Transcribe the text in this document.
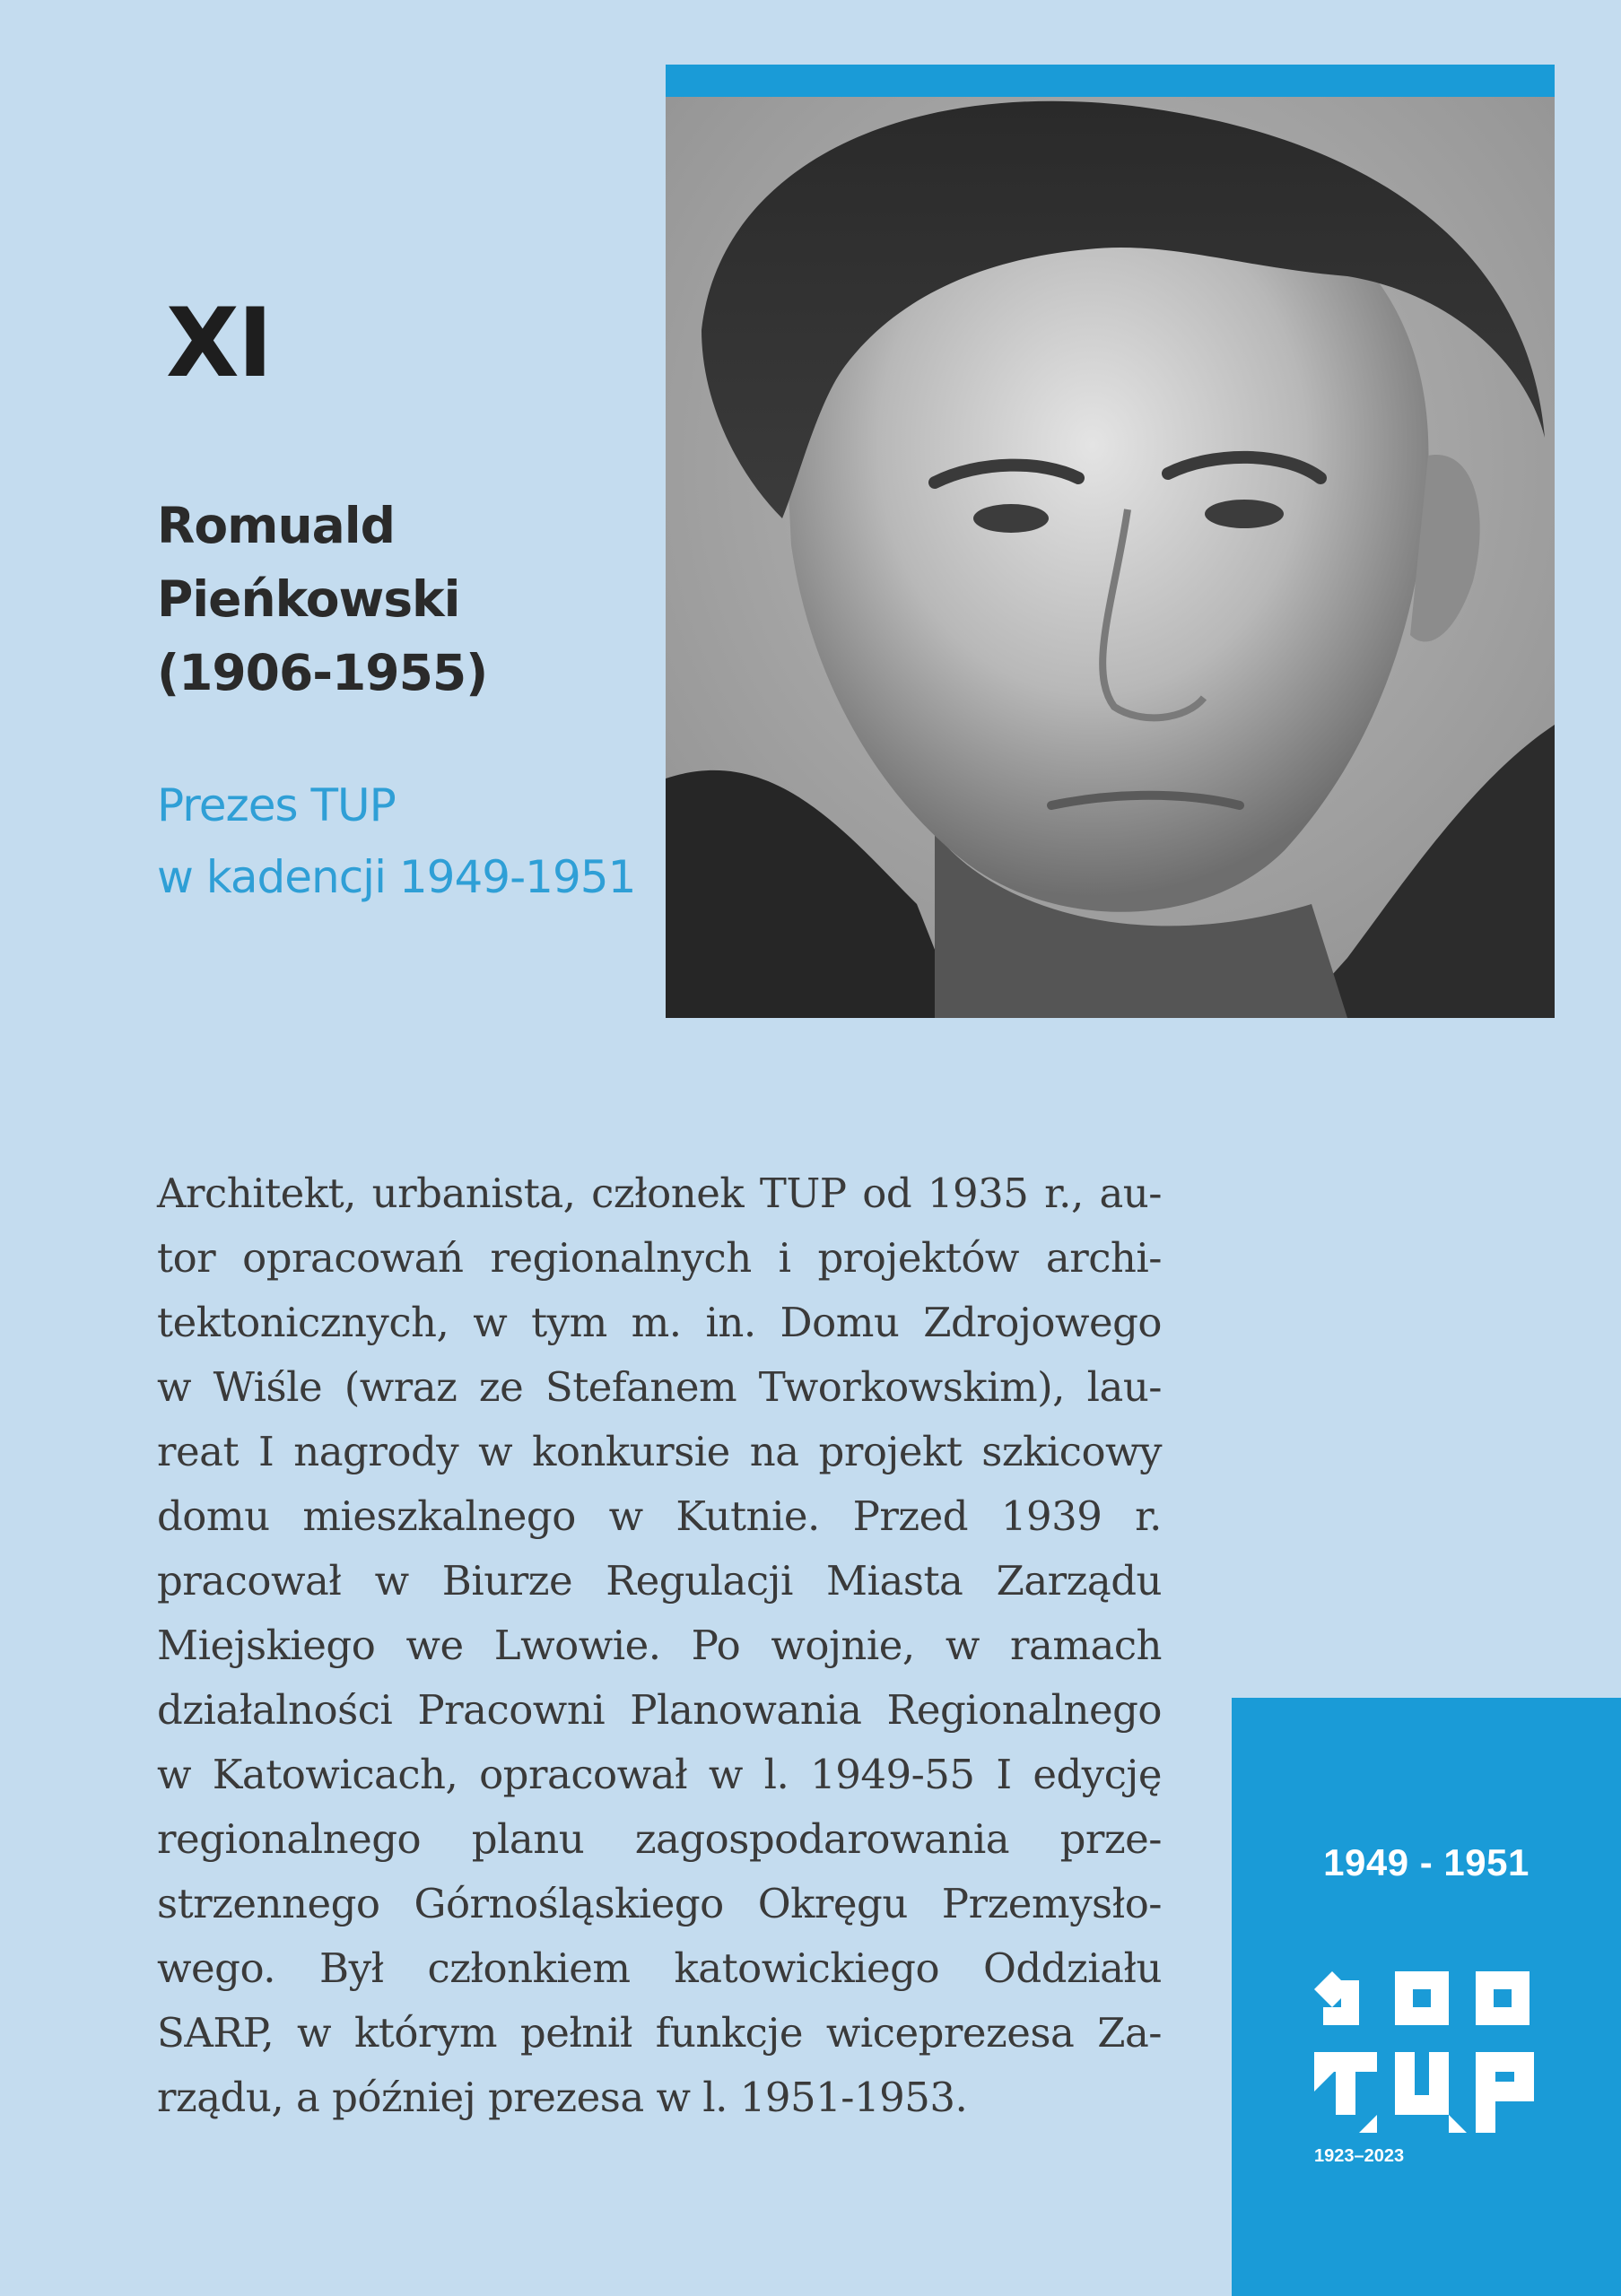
XI
Romuald
Pieńkowski
(1906-1955)
Prezes TUP
w kadencji 1949-1951
Architekt, urbanista, członek TUP od 1935 r., au-
tor opracowań regionalnych i projektów archi-
tektonicznych, w tym m. in. Domu Zdrojowego
w Wiśle (wraz ze Stefanem Tworkowskim), lau-
reat I nagrody w konkursie na projekt szkicowy
domu mieszkalnego w Kutnie. Przed 1939 r.
pracował w Biurze Regulacji Miasta Zarządu
Miejskiego we Lwowie. Po wojnie, w ramach
działalności Pracowni Planowania Regionalnego
w Katowicach, opracował w l. 1949-55 I edycję
regionalnego planu zagospodarowania prze-
strzennego Górnośląskiego Okręgu Przemysło-
wego. Był członkiem katowickiego Oddziału
SARP, w którym pełnił funkcje wiceprezesa Za-
rządu, a później prezesa w l. 1951-1953.
1949 - 1951
1923–2023
